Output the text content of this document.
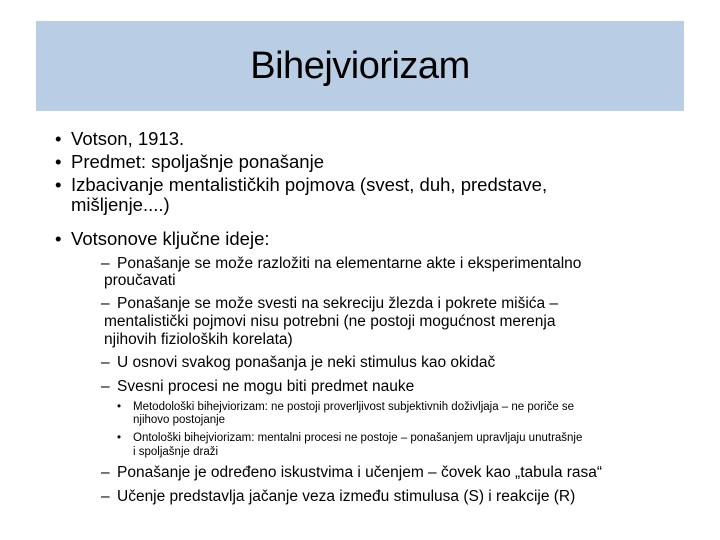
Bihejviorizam
• Votson, 1913.
• Predmet: spoljašnje ponašanje
• Izbacivanje mentalističkih pojmova (svest, duh, predstave,
mišljenje....)
• Votsonove ključne ideje:
– Ponašanje se može razložiti na elementarne akte i eksperimentalno
proučavati
– Ponašanje se može svesti na sekreciju žlezda i pokrete mišića –
mentalistički pojmovi nisu potrebni (ne postoji mogućnost merenja
njihovih fizioloških korelata)
– U osnovi svakog ponašanja je neki stimulus kao okidač
– Svesni procesi ne mogu biti predmet nauke
• Metodološki bihejviorizam: ne postoji proverljivost subjektivnih doživljaja – ne poriče se
njihovo postojanje
• Ontološki bihejviorizam: mentalni procesi ne postoje – ponašanjem upravljaju unutrašnje
i spoljašnje draži
– Ponašanje je određeno iskustvima i učenjem – čovek kao „tabula rasa“
– Učenje predstavlja jačanje veza između stimulusa (S) i reakcije (R)
